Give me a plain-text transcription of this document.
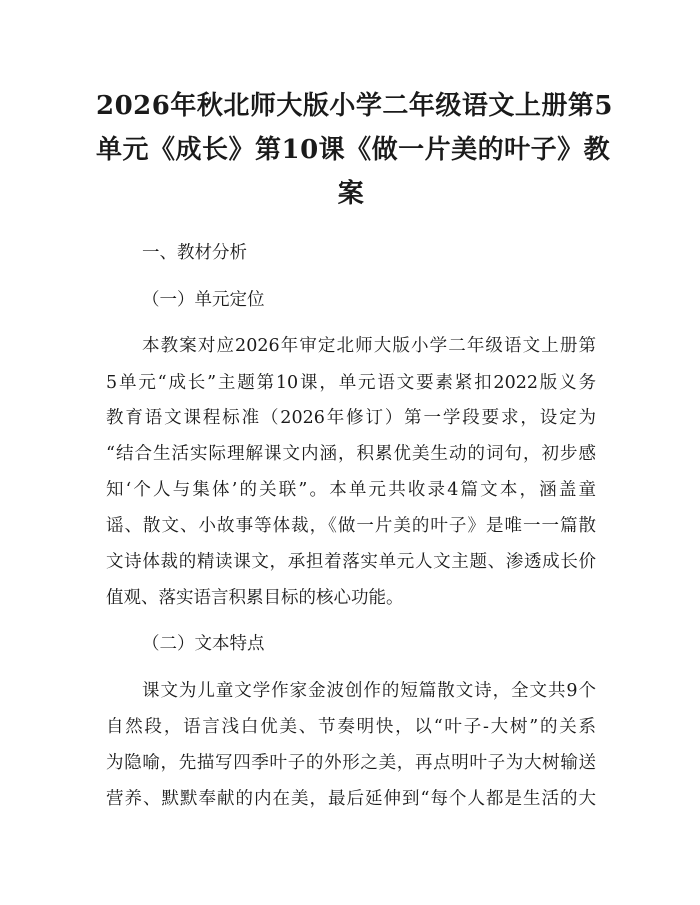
2026年秋北师大版小学二年级语文上册第5
单元《成长》第10课《做一片美的叶子》教
案

一、教材分析

（一）单元定位

本教案对应2026年审定北师大版小学二年级语文上册第

5单元“成长”主题第10课，单元语文要素紧扣2022版义务

教育语文课程标准（2026年修订）第一学段要求，设定为

“结合生活实际理解课文内涵，积累优美生动的词句，初步感

知‘个人与集体’的关联”。本单元共收录4篇文本，涵盖童

谣、散文、小故事等体裁，《做一片美的叶子》是唯一一篇散

文诗体裁的精读课文，承担着落实单元人文主题、渗透成长价

值观、落实语言积累目标的核心功能。

（二）文本特点

课文为儿童文学作家金波创作的短篇散文诗，全文共9个

自然段，语言浅白优美、节奏明快，以“叶子-大树”的关系

为隐喻，先描写四季叶子的外形之美，再点明叶子为大树输送

营养、默默奉献的内在美，最后延伸到“每个人都是生活的大
